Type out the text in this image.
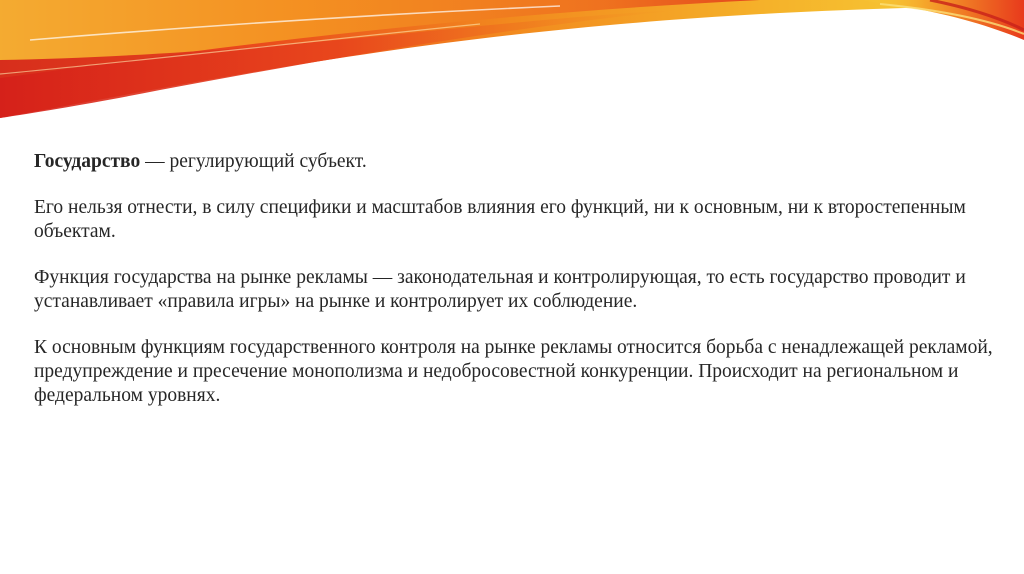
Государство — регулирующий субъект.

Его нельзя отнести, в силу специфики и масштабов влияния его функций, ни к основным, ни к второстепенным объектам.

Функция государства на рынке рекламы — законодательная и контролирующая, то есть государство проводит и устанавливает «правила игры» на рынке и контролирует их соблюдение.

К основным функциям государственного контроля на рынке рекламы относится борьба с ненадлежащей рекламой, предупреждение и пресечение монополизма и недобросовестной конкуренции. Происходит на региональном и федеральном уровнях.
